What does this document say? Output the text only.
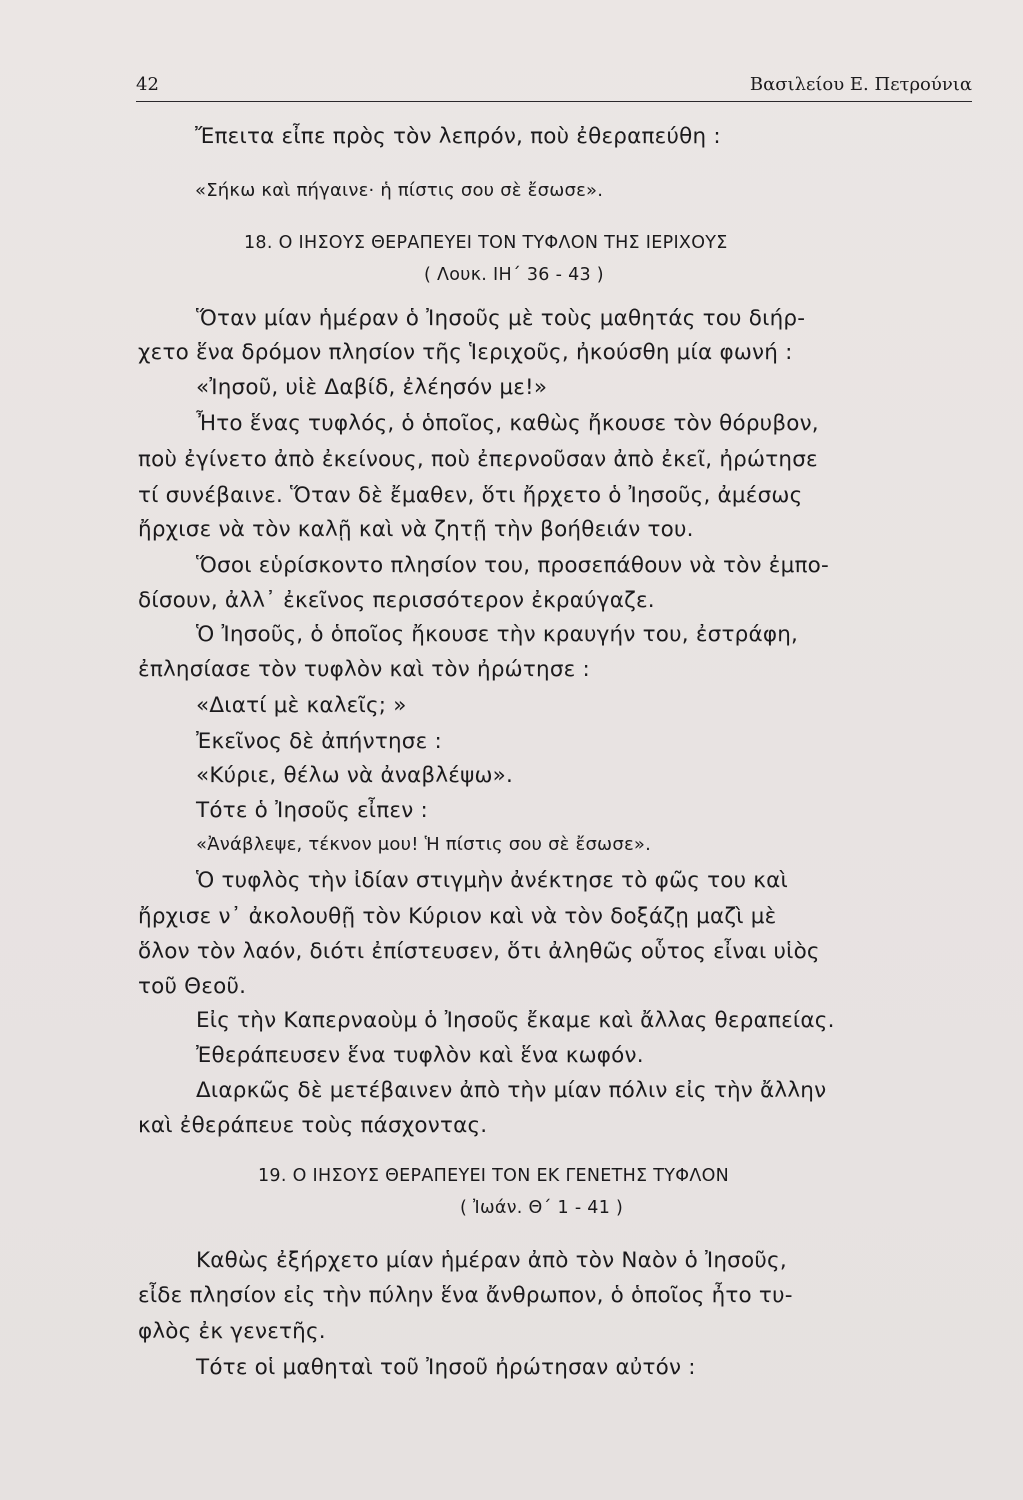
42	Βασιλείου Ε. Πετρούνια
Ἔπειτα εἶπε πρὸς τὸν λεπρόν, ποὺ ἐθεραπεύθη :
«Σήκω καὶ πήγαινε· ἡ πίστις σου σὲ ἔσωσε».
18. Ο ΙΗΣΟΥΣ ΘΕΡΑΠΕΥΕΙ ΤΟΝ ΤΥΦΛΟΝ ΤΗΣ ΙΕΡΙΧΟΥΣ
( Λουκ. ΙΗ΄ 36 - 43 )
Ὅταν μίαν ἡμέραν ὁ Ἰησοῦς μὲ τοὺς μαθητάς του διήρ-
χετο ἕνα δρόμον πλησίον τῆς Ἱεριχοῦς, ἠκούσθη μία φωνή :
«Ἰησοῦ, υἱὲ Δαβίδ, ἐλέησόν με!»
Ἦτο ἕνας τυφλός, ὁ ὁποῖος, καθὼς ἤκουσε τὸν θόρυβον,
ποὺ ἐγίνετο ἀπὸ ἐκείνους, ποὺ ἐπερνοῦσαν ἀπὸ ἐκεῖ, ἠρώτησε
τί συνέβαινε. Ὅταν δὲ ἔμαθεν, ὅτι ἤρχετο ὁ Ἰησοῦς, ἀμέσως
ἤρχισε νὰ τὸν καλῇ καὶ νὰ ζητῇ τὴν βοήθειάν του.
Ὅσοι εὑρίσκοντο πλησίον του, προσεπάθουν νὰ τὸν ἐμπο-
δίσουν, ἀλλ᾿ ἐκεῖνος περισσότερον ἐκραύγαζε.
Ὁ Ἰησοῦς, ὁ ὁποῖος ἤκουσε τὴν κραυγήν του, ἐστράφη,
ἐπλησίασε τὸν τυφλὸν καὶ τὸν ἠρώτησε :
«Διατί μὲ καλεῖς; »
Ἐκεῖνος δὲ ἀπήντησε :
«Κύριε, θέλω νὰ ἀναβλέψω».
Τότε ὁ Ἰησοῦς εἶπεν :
«Ἀνάβλεψε, τέκνον μου! Ἡ πίστις σου σὲ ἔσωσε».
Ὁ τυφλὸς τὴν ἰδίαν στιγμὴν ἀνέκτησε τὸ φῶς του καὶ
ἤρχισε ν᾿ ἀκολουθῇ τὸν Κύριον καὶ νὰ τὸν δοξάζῃ μαζὶ μὲ
ὅλον τὸν λαόν, διότι ἐπίστευσεν, ὅτι ἀληθῶς οὗτος εἶναι υἱὸς
τοῦ Θεοῦ.
Εἰς τὴν Καπερναοὺμ ὁ Ἰησοῦς ἔκαμε καὶ ἄλλας θεραπείας.
Ἐθεράπευσεν ἕνα τυφλὸν καὶ ἕνα κωφόν.
Διαρκῶς δὲ μετέβαινεν ἀπὸ τὴν μίαν πόλιν εἰς τὴν ἄλλην
καὶ ἐθεράπευε τοὺς πάσχοντας.
19. Ο ΙΗΣΟΥΣ ΘΕΡΑΠΕΥΕΙ ΤΟΝ ΕΚ ΓΕΝΕΤΗΣ ΤΥΦΛΟΝ
( Ἰωάν. Θ΄ 1 - 41 )
Καθὼς ἐξήρχετο μίαν ἡμέραν ἀπὸ τὸν Ναὸν ὁ Ἰησοῦς,
εἶδε πλησίον εἰς τὴν πύλην ἕνα ἄνθρωπον, ὁ ὁποῖος ἦτο τυ-
φλὸς ἐκ γενετῆς.
Τότε οἱ μαθηταὶ τοῦ Ἰησοῦ ἠρώτησαν αὐτόν :
